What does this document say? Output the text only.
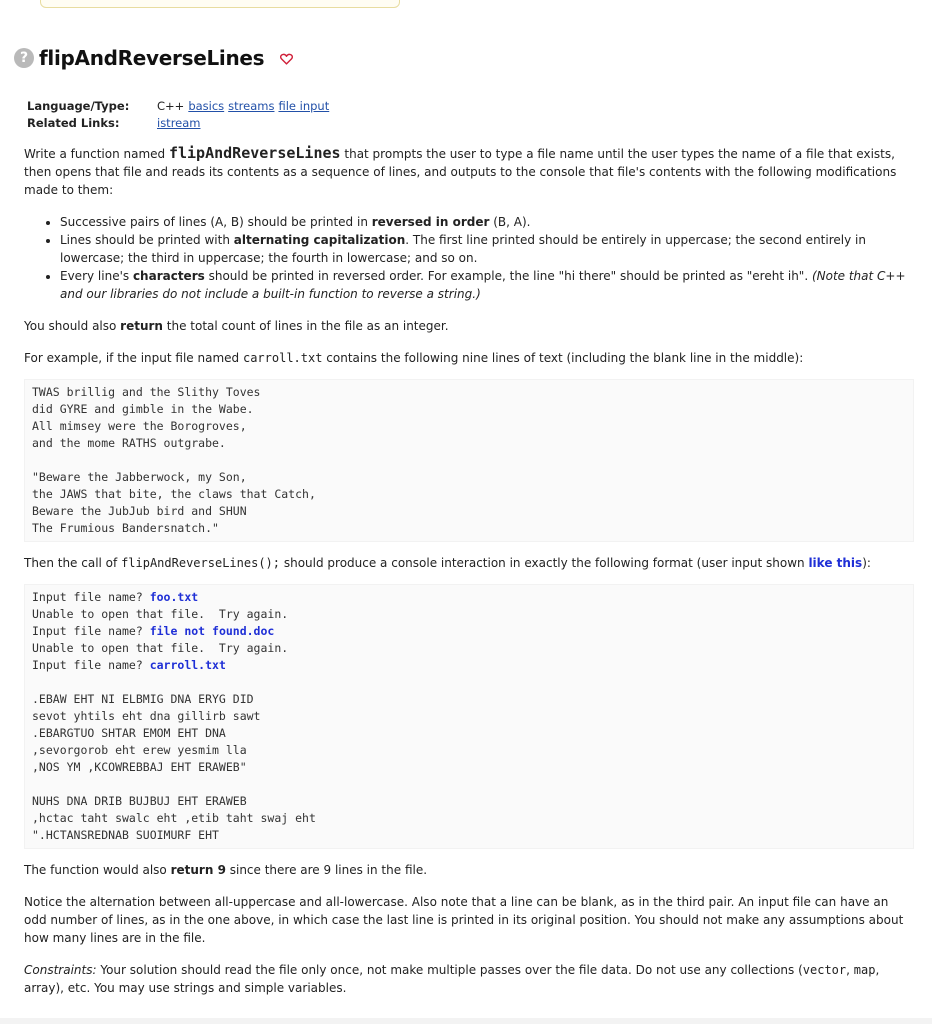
? flipAndReverseLines
Language/Type:	C++ basics streams file input
Related Links:	istream

Write a function named flipAndReverseLines that prompts the user to type a file name until the user types the name of a file that exists, then opens that file and reads its contents as a sequence of lines, and outputs to the console that file's contents with the following modifications made to them:

• Successive pairs of lines (A, B) should be printed in reversed in order (B, A).
• Lines should be printed with alternating capitalization. The first line printed should be entirely in uppercase; the second entirely in lowercase; the third in uppercase; the fourth in lowercase; and so on.
• Every line's characters should be printed in reversed order. For example, the line "hi there" should be printed as "ereht ih". (Note that C++ and our libraries do not include a built-in function to reverse a string.)

You should also return the total count of lines in the file as an integer.

For example, if the input file named carroll.txt contains the following nine lines of text (including the blank line in the middle):

TWAS brillig and the Slithy Toves
did GYRE and gimble in the Wabe.
All mimsey were the Borogroves,
and the mome RATHS outgrabe.
"Beware the Jabberwock, my Son,
the JAWS that bite, the claws that Catch,
Beware the JubJub bird and SHUN
The Frumious Bandersnatch."

Then the call of flipAndReverseLines(); should produce a console interaction in exactly the following format (user input shown like this):

Input file name? foo.txt
Unable to open that file.  Try again.
Input file name? file not found.doc
Unable to open that file.  Try again.
Input file name? carroll.txt
.EBAW EHT NI ELBMIG DNA ERYG DID
sevot yhtils eht dna gillirb sawt
.EBARGTUO SHTAR EMOM EHT DNA
,sevorgorob eht erew yesmim lla
,NOS YM ,KCOWREBBAJ EHT ERAWEB"
NUHS DNA DRIB BUJBUJ EHT ERAWEB
,hctac taht swalc eht ,etib taht swaj eht
".HCTANSREDNAB SUOIMURF EHT

The function would also return 9 since there are 9 lines in the file.

Notice the alternation between all-uppercase and all-lowercase. Also note that a line can be blank, as in the third pair. An input file can have an odd number of lines, as in the one above, in which case the last line is printed in its original position. You should not make any assumptions about how many lines are in the file.

Constraints: Your solution should read the file only once, not make multiple passes over the file data. Do not use any collections (vector, map, array), etc. You may use strings and simple variables.
